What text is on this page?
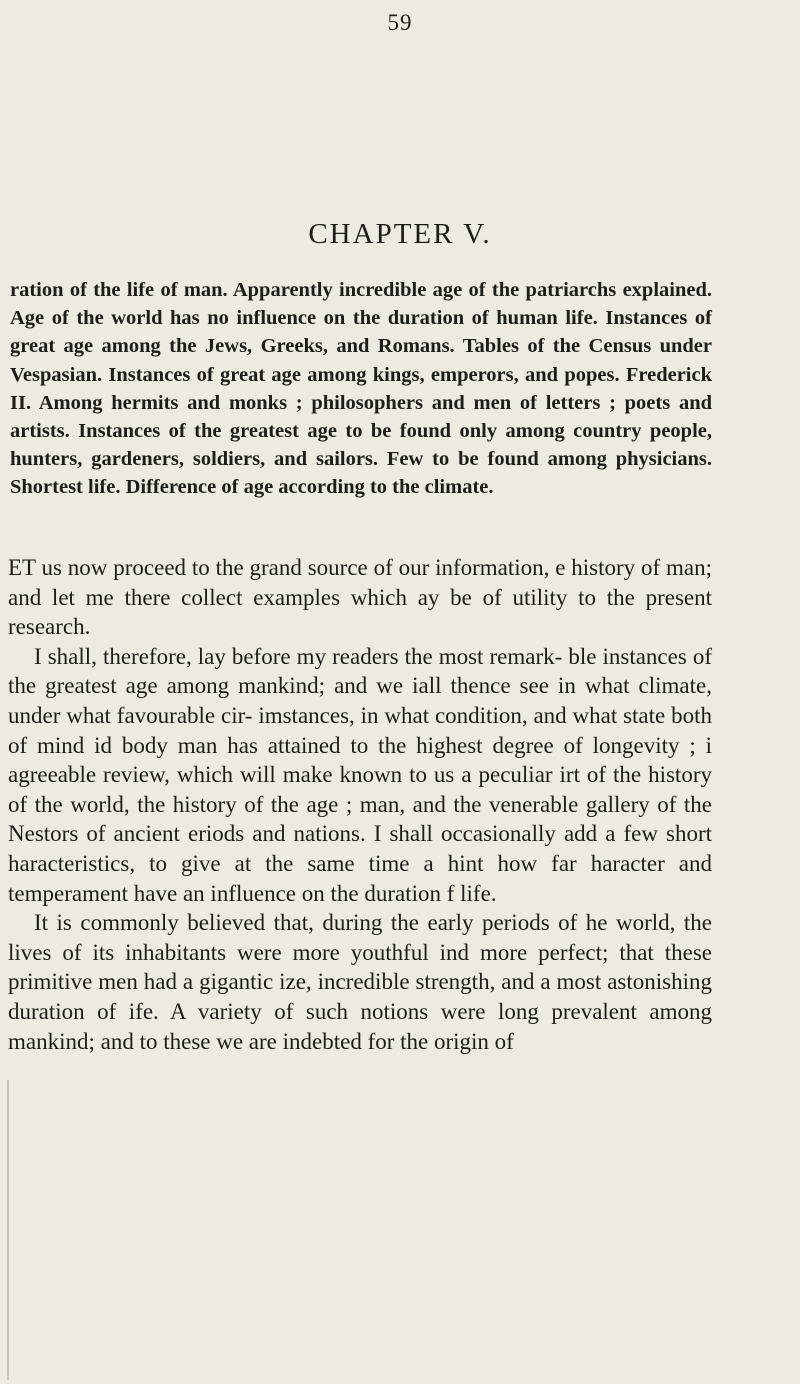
59
CHAPTER V.

ration of the life of man. Apparently incredible age of the patriarchs explained. Age of the world has no influence on the duration of human life. Instances of great age among the Jews, Greeks, and Romans. Tables of the Census under Vespasian. Instances of great age among kings, emperors, and popes. Frederick II. Among hermits and monks ; philosophers and men of letters ; poets and artists. Instances of the greatest age to be found only among country people, hunters, gardeners, soldiers, and sailors. Few to be found among physicians. Shortest life. Difference of age according to the climate.

ET us now proceed to the grand source of our information, e history of man; and let me there collect examples which ay be of utility to the present research.

I shall, therefore, lay before my readers the most remark- ble instances of the greatest age among mankind; and we iall thence see in what climate, under what favourable cir- imstances, in what condition, and what state both of mind id body man has attained to the highest degree of longevity ; i agreeable review, which will make known to us a peculiar irt of the history of the world, the history of the age ; man, and the venerable gallery of the Nestors of ancient eriods and nations. I shall occasionally add a few short haracteristics, to give at the same time a hint how far haracter and temperament have an influence on the duration f life.

It is commonly believed that, during the early periods of he world, the lives of its inhabitants were more youthful ind more perfect; that these primitive men had a gigantic ize, incredible strength, and a most astonishing duration of ife. A variety of such notions were long prevalent among mankind; and to these we are indebted for the origin of
